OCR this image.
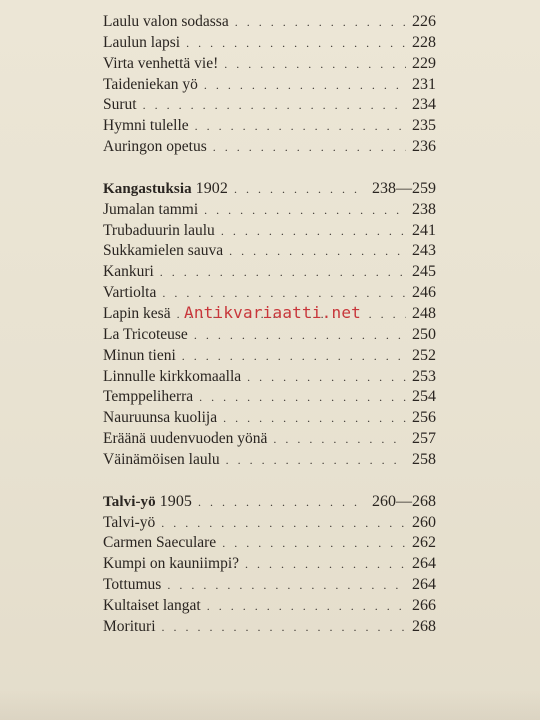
Laulu valon sodassa . . .	226
Laulun lapsi . . .	228
Virta venhettä vie! . . .	229
Taideniekan yö . . .	231
Surut . . .	234
Hymni tulelle . . .	235
Auringon opetus . . .	236
Kangastuksia 1902 . . .	238—259
Jumalan tammi . . .	238
Trubaduurin laulu . . .	241
Sukkamielen sauva . . .	243
Kankuri . . .	245
Vartiolta . . .	246
Lapin kesä . . .	248
La Tricoteuse . . .	250
Minun tieni . . .	252
Linnulle kirkkomaalla . . .	253
Temppeliherra . . .	254
Nauruunsa kuolija . . .	256
Eräänä uudenvuoden yönä . . .	257
Väinämöisen laulu . . .	258
Talvi-yö 1905 . . .	260—268
Talvi-yö . . .	260
Carmen Saeculare . . .	262
Kumpi on kauniimpi? . . .	264
Tottumus . . .	264
Kultaiset langat . . .	266
Morituri . . .	268
Antikvariaatti.net
